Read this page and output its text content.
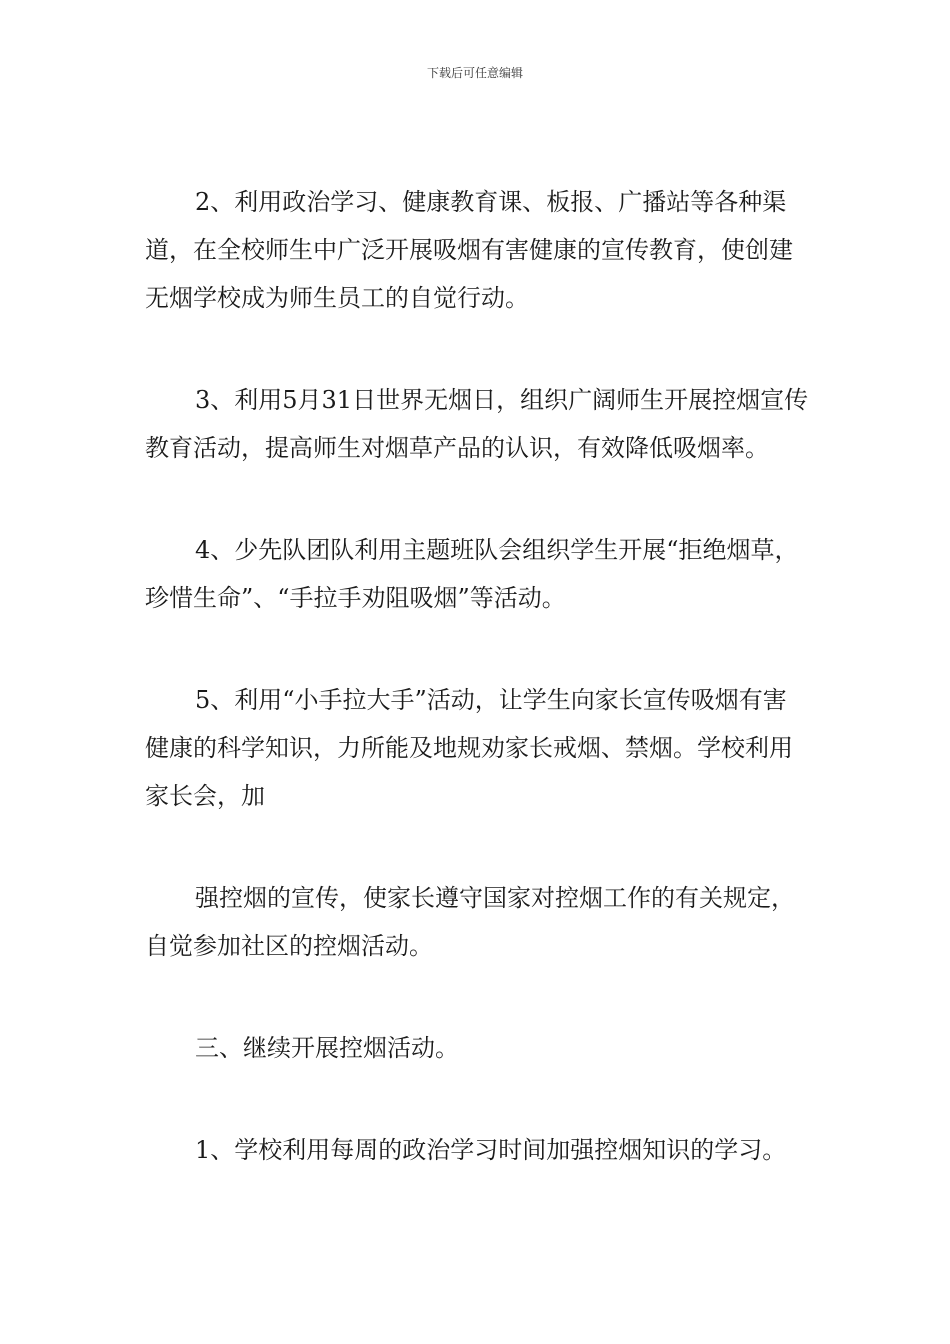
下载后可任意编辑

2、利用政治学习、健康教育课、板报、广播站等各种渠道，在全校师生中广泛开展吸烟有害健康的宣传教育，使创建无烟学校成为师生员工的自觉行动。

3、利用5月31日世界无烟日，组织广阔师生开展控烟宣传教育活动，提高师生对烟草产品的认识，有效降低吸烟率。

4、少先队团队利用主题班队会组织学生开展“拒绝烟草，珍惜生命”、“手拉手劝阻吸烟”等活动。

5、利用“小手拉大手”活动，让学生向家长宣传吸烟有害健康的科学知识，力所能及地规劝家长戒烟、禁烟。学校利用家长会，加

强控烟的宣传，使家长遵守国家对控烟工作的有关规定，自觉参加社区的控烟活动。

三、继续开展控烟活动。

1、学校利用每周的政治学习时间加强控烟知识的学习。
